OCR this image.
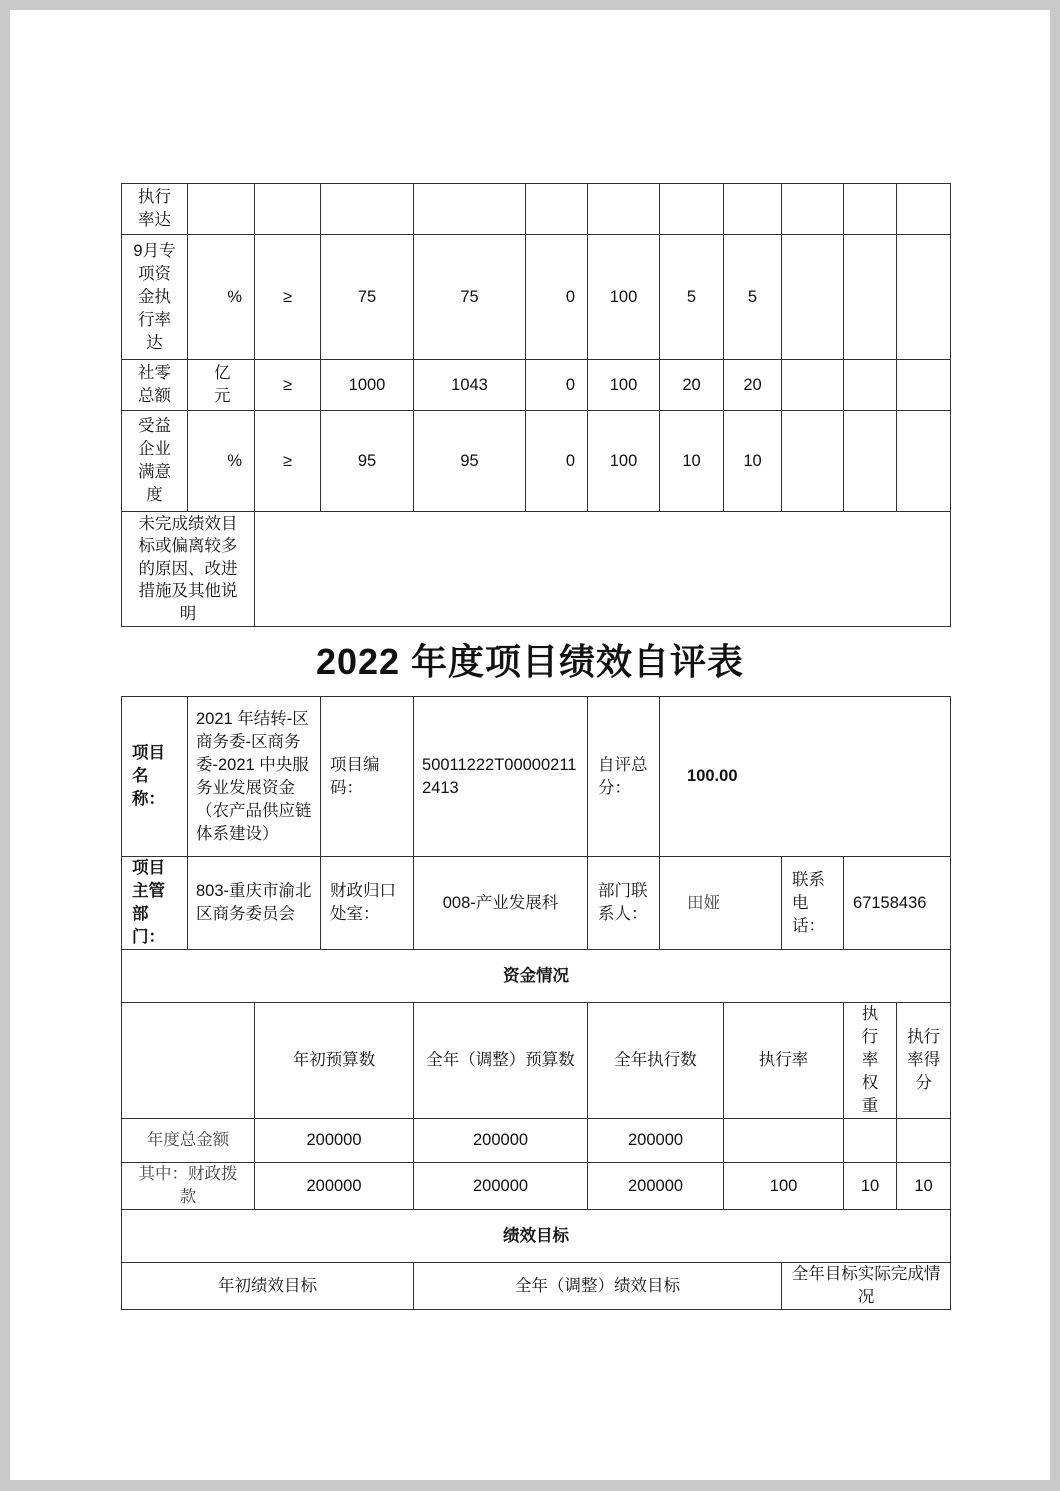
执行率达											
9月专项资金执行率达	%	≥	75	75	0	100	5	5			
社零总额	亿元	≥	1000	1043	0	100	20	20			
受益企业满意度	%	≥	95	95	0	100	10	10			
未完成绩效目标或偏离较多的原因、改进措施及其他说明											
2022 年度项目绩效自评表
项目名称：	2021 年结转-区商务委-区商务委-2021 中央服务业发展资金（农产品供应链体系建设）		项目编码：	50011222T000002112413	自评总分：	100.00				
项目主管部门：	803-重庆市渝北区商务委员会		财政归口处室：	008-产业发展科	部门联系人：	田娅		联系电话：	67158436	
资金情况										
		年初预算数		全年（调整）预算数	全年执行数		执行率		执行率权重	执行率得分
年度总金额		200000		200000	200000					
其中：财政拨款		200000		200000	200000		100		10	10
绩效目标										
年初绩效目标				全年（调整）绩效目标				全年目标实际完成情况		
